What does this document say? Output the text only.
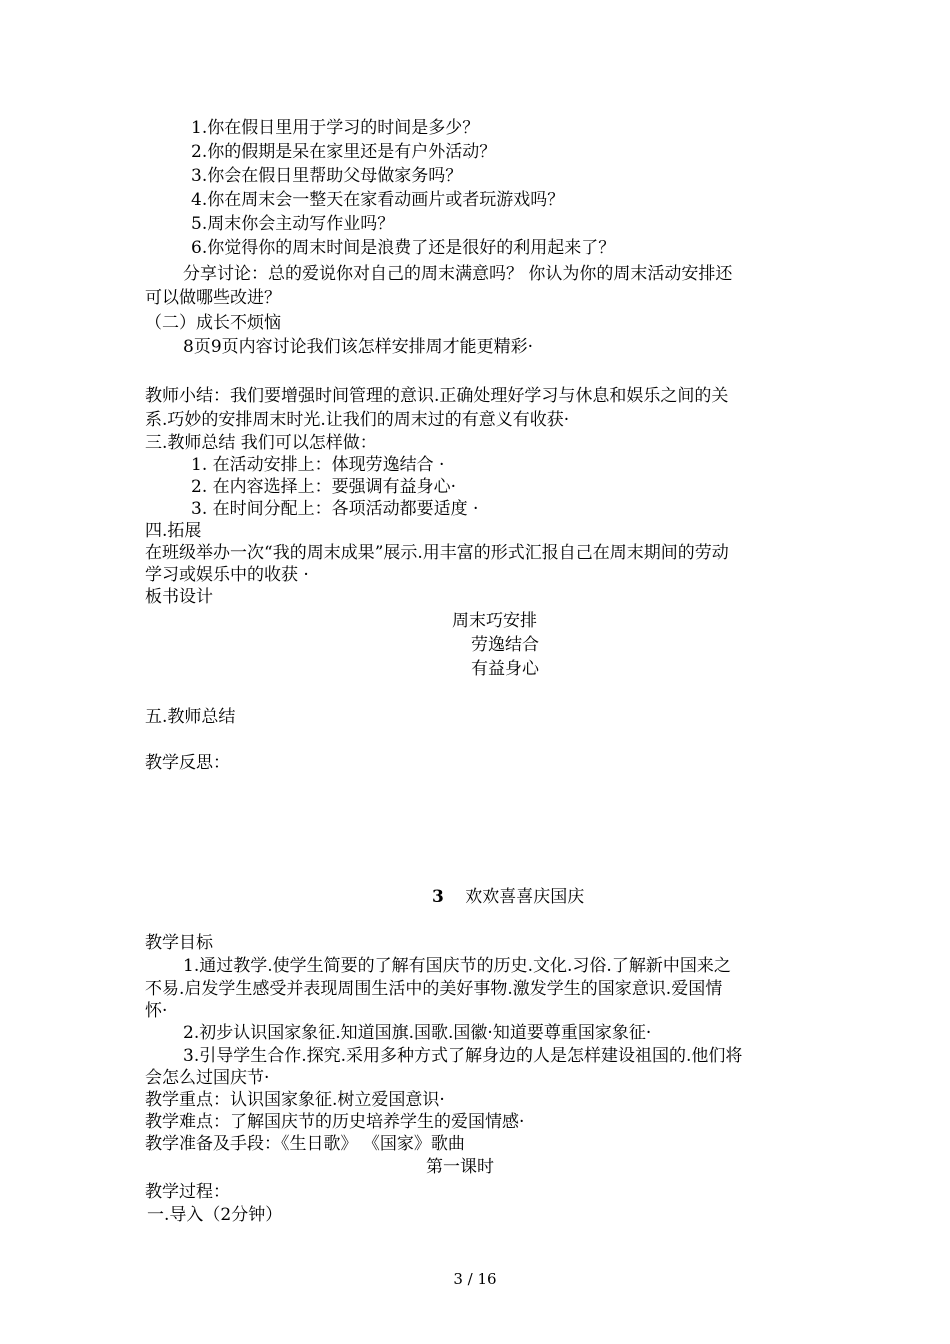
1.你在假日里用于学习的时间是多少？
2.你的假期是呆在家里还是有户外活动？
3.你会在假日里帮助父母做家务吗？
4.你在周末会一整天在家看动画片或者玩游戏吗？
5.周末你会主动写作业吗？
6.你觉得你的周末时间是浪费了还是很好的利用起来了？
分享讨论：总的爱说你对自己的周末满意吗？ 你认为你的周末活动安排还
可以做哪些改进？
（二）成长不烦恼
8页9页内容讨论我们该怎样安排周才能更精彩·
教师小结：我们要增强时间管理的意识.正确处理好学习与休息和娱乐之间的关
系.巧妙的安排周末时光.让我们的周末过的有意义有收获·
三.教师总结 我们可以怎样做：
1. 在活动安排上：体现劳逸结合 ·
2. 在内容选择上：要强调有益身心·
3. 在时间分配上：各项活动都要适度 ·
四.拓展
在班级举办一次“我的周末成果”展示.用丰富的形式汇报自己在周末期间的劳动
学习或娱乐中的收获 ·
板书设计
周末巧安排
劳逸结合
有益身心
五.教师总结
教学反思：
3 欢欢喜喜庆国庆
教学目标
1.通过教学.使学生简要的了解有国庆节的历史.文化.习俗.了解新中国来之
不易.启发学生感受并表现周围生活中的美好事物.激发学生的国家意识.爱国情
怀·
2.初步认识国家象征.知道国旗.国歌.国徽·知道要尊重国家象征·
3.引导学生合作.探究.采用多种方式了解身边的人是怎样建设祖国的.他们将
会怎么过国庆节·
教学重点：认识国家象征.树立爱国意识·
教学难点：了解国庆节的历史培养学生的爱国情感·
教学准备及手段：《生日歌》 《国家》歌曲
第一课时
教学过程：
一.导入（2分钟）
3 / 16
